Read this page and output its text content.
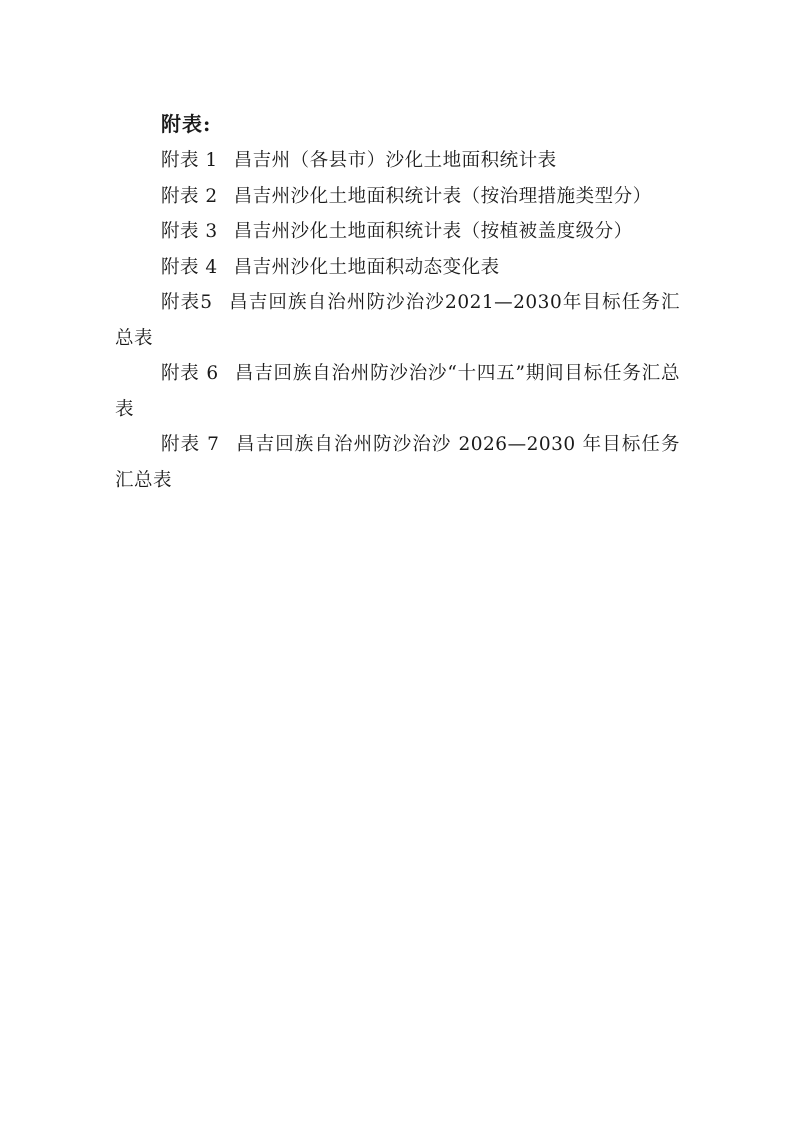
附表:
附表 1 昌吉州（各县市）沙化土地面积统计表
附表 2 昌吉州沙化土地面积统计表（按治理措施类型分）
附表 3 昌吉州沙化土地面积统计表（按植被盖度级分）
附表 4 昌吉州沙化土地面积动态变化表
附表5 昌吉回族自治州防沙治沙2021—2030年目标任务汇总表
附表 6 昌吉回族自治州防沙治沙“十四五”期间目标任务汇总表
附表 7 昌吉回族自治州防沙治沙 2026—2030 年目标任务汇总表
